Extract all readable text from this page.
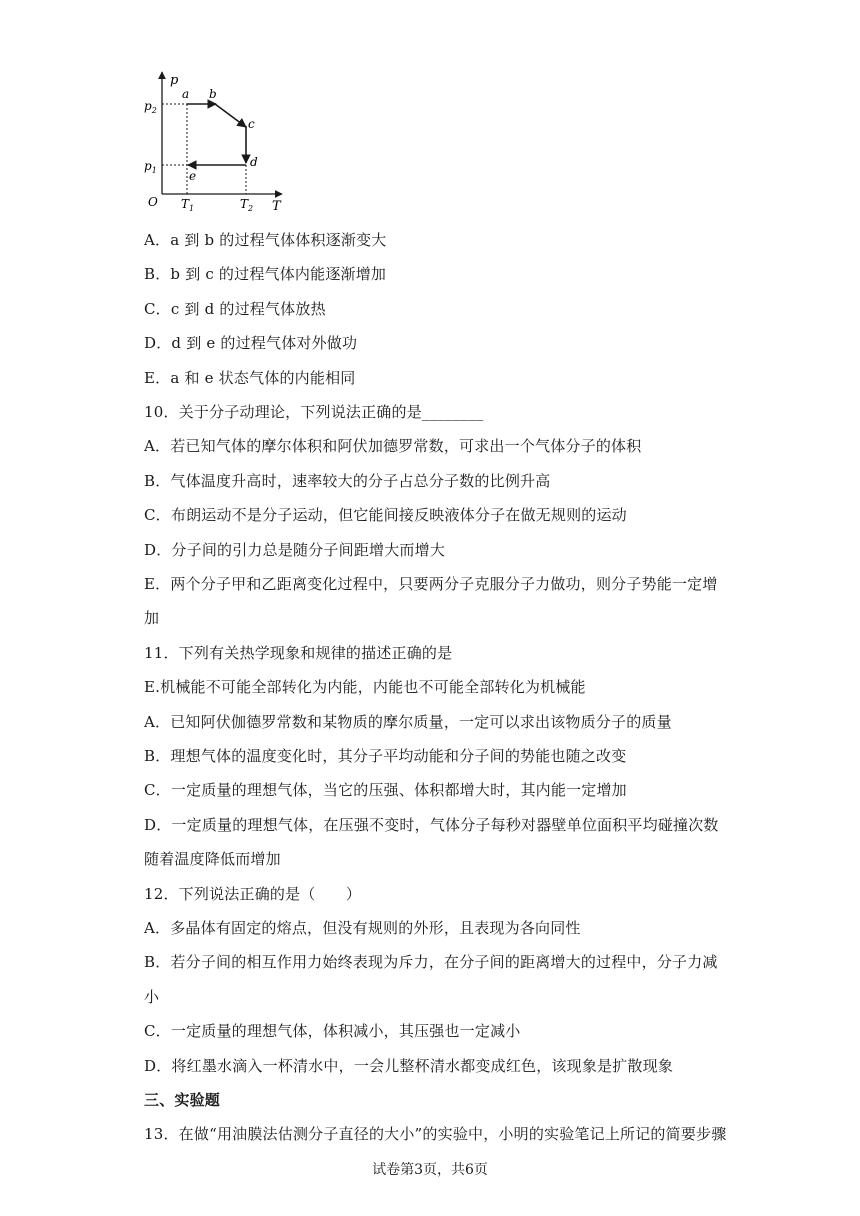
p
T
O
$p_2$
$p_1$
$T_1$	$T_2$
a b
c
d
e
A．a 到 b 的过程气体体积逐渐变大
B．b 到 c 的过程气体内能逐渐增加
C．c 到 d 的过程气体放热
D．d 到 e 的过程气体对外做功
E．a 和 e 状态气体的内能相同
10．关于分子动理论，下列说法正确的是________
A．若已知气体的摩尔体积和阿伏加德罗常数，可求出一个气体分子的体积
B．气体温度升高时，速率较大的分子占总分子数的比例升高
C．布朗运动不是分子运动，但它能间接反映液体分子在做无规则的运动
D．分子间的引力总是随分子间距增大而增大
E．两个分子甲和乙距离变化过程中，只要两分子克服分子力做功，则分子势能一定增
加
11．下列有关热学现象和规律的描述正确的是
E.机械能不可能全部转化为内能，内能也不可能全部转化为机械能
A．已知阿伏伽德罗常数和某物质的摩尔质量，一定可以求出该物质分子的质量
B．理想气体的温度变化时，其分子平均动能和分子间的势能也随之改变
C．一定质量的理想气体，当它的压强、体积都增大时，其内能一定增加
D．一定质量的理想气体，在压强不变时，气体分子每秒对器壁单位面积平均碰撞次数
随着温度降低而增加
12．下列说法正确的是（　　）
A．多晶体有固定的熔点，但没有规则的外形，且表现为各向同性
B．若分子间的相互作用力始终表现为斥力，在分子间的距离增大的过程中，分子力减
小
C．一定质量的理想气体，体积减小，其压强也一定减小
D．将红墨水滴入一杯清水中，一会儿整杯清水都变成红色，该现象是扩散现象
三、实验题
13．在做“用油膜法估测分子直径的大小”的实验中，小明的实验笔记上所记的简要步骤
试卷第3页，共6页
